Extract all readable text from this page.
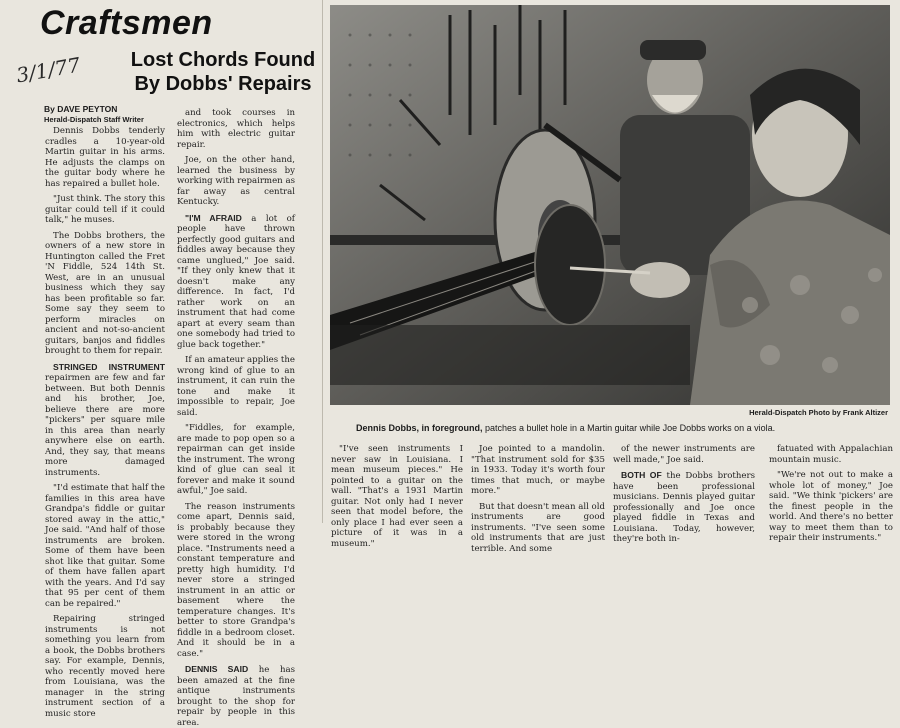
Craftsmen
3/1/77	Lost Chords Found By Dobbs' Repairs
By DAVE PEYTON
Herald-Dispatch Staff Writer

Dennis Dobbs tenderly cradles a 10-year-old Martin guitar in his arms. He adjusts the clamps on the guitar body where he has repaired a bullet hole.

"Just think. The story this guitar could tell if it could talk," he muses.

The Dobbs brothers, the owners of a new store in Huntington called the Fret 'N Fiddle, 524 14th St. West, are in an unusual business which they say has been profitable so far. Some say they seem to perform miracles on ancient and not-so-ancient guitars, banjos and fiddles brought to them for repair.

STRINGED INSTRUMENT repairmen are few and far between. But both Dennis and his brother, Joe, believe there are more "pickers" per square mile in this area than nearly anywhere else on earth. And, they say, that means more damaged instruments.

"I'd estimate that half the families in this area have Grandpa's fiddle or guitar stored away in the attic," Joe said. "And half of those instruments are broken. Some of them have been shot like that guitar. Some of them have fallen apart with the years. And I'd say that 95 per cent of them can be repaired."

Repairing stringed instruments is not something you learn from a book, the Dobbs brothers say. For example, Dennis, who recently moved here from Louisiana, was the manager in the string instrument section of a music store

and took courses in electronics, which helps him with electric guitar repair.

Joe, on the other hand, learned the business by working with repairmen as far away as central Kentucky.

"I'M AFRAID a lot of people have thrown perfectly good guitars and fiddles away because they came unglued," Joe said. "If they only knew that it doesn't make any difference. In fact, I'd rather work on an instrument that had come apart at every seam than one somebody had tried to glue back together."

If an amateur applies the wrong kind of glue to an instrument, it can ruin the tone and make it impossible to repair, Joe said.

"Fiddles, for example, are made to pop open so a repairman can get inside the instrument. The wrong kind of glue can seal it forever and make it sound awful," Joe said.

The reason instruments come apart, Dennis said, is probably because they were stored in the wrong place. "Instruments need a constant temperature and pretty high humidity. I'd never store a stringed instrument in an attic or basement where the temperature changes. It's better to store Grandpa's fiddle in a bedroom closet. And it should be in a case."

DENNIS SAID he has been amazed at the fine antique instruments brought to the shop for repair by people in this area.

Herald-Dispatch Photo by Frank Altizer
Dennis Dobbs, in foreground, patches a bullet hole in a Martin guitar while Joe Dobbs works on a viola.

"I've seen instruments I never saw in Louisiana. I mean museum pieces." He pointed to a guitar on the wall. "That's a 1931 Martin guitar. Not only had I never seen that model before, the only place I had ever seen a picture of it was in a museum."

Joe pointed to a mandolin. "That instrument sold for $35 in 1933. Today it's worth four times that much, or maybe more."

But that doesn't mean all old instruments are good instruments. "I've seen some old instruments that are just terrible. And some

of the newer instruments are well made," Joe said.

BOTH OF the Dobbs brothers have been professional musicians. Dennis played guitar professionally and Joe once played fiddle in Texas and Louisiana. Today, however, they're both in-

fatuated with Appalachian mountain music.

"We're not out to make a whole lot of money," Joe said. "We think 'pickers' are the finest people in the world. And there's no better way to meet them than to repair their instruments."
